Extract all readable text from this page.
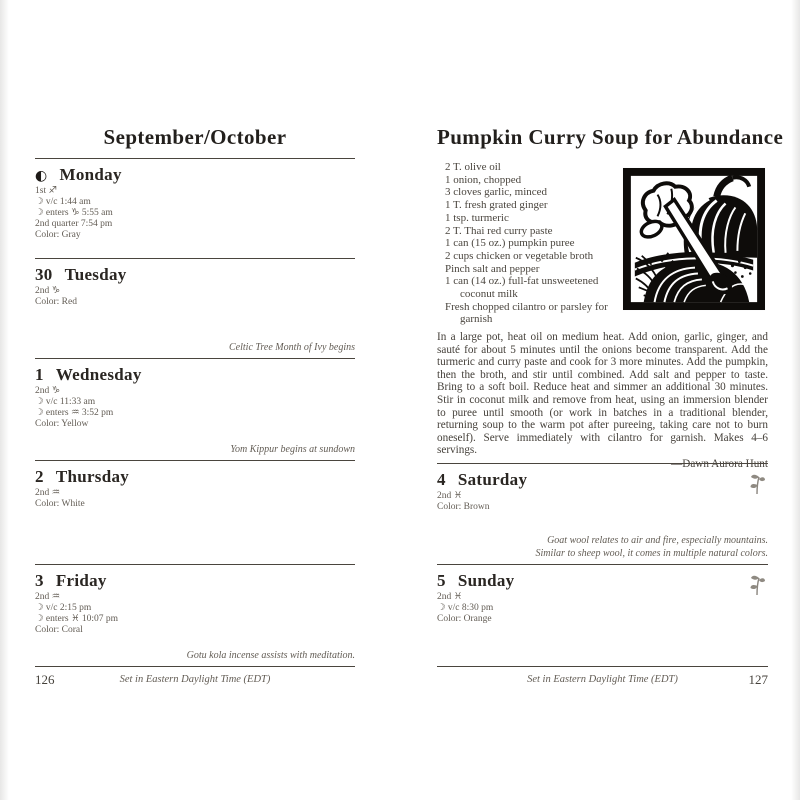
September/October
◐ Monday
1st ♐
☽ v/c 1:44 am
☽ enters ♑ 5:55 am
2nd quarter 7:54 pm
Color: Gray
30 Tuesday
2nd ♑
Color: Red
Celtic Tree Month of Ivy begins
1 Wednesday
2nd ♑
☽ v/c 11:33 am
☽ enters ♒ 3:52 pm
Color: Yellow
Yom Kippur begins at sundown
2 Thursday
2nd ♒
Color: White
3 Friday
2nd ♒
☽ v/c 2:15 pm
☽ enters ♓ 10:07 pm
Color: Coral
Gotu kola incense assists with meditation.
126	Set in Eastern Daylight Time (EDT)
Pumpkin Curry Soup for Abundance
2 T. olive oil
1 onion, chopped
3 cloves garlic, minced
1 T. fresh grated ginger
1 tsp. turmeric
2 T. Thai red curry paste
1 can (15 oz.) pumpkin puree
2 cups chicken or vegetable broth
Pinch salt and pepper
1 can (14 oz.) full-fat unsweetened
coconut milk
Fresh chopped cilantro or parsley for
garnish
In a large pot, heat oil on medium heat. Add onion, garlic, ginger, and sauté for about 5 minutes until the onions become transparent. Add the turmeric and curry paste and cook for 3 more minutes. Add the pumpkin, then the broth, and stir until combined. Add salt and pepper to taste. Bring to a soft boil. Reduce heat and simmer an additional 30 minutes. Stir in coconut milk and remove from heat, using an immersion blender to puree until smooth (or work in batches in a traditional blender, returning soup to the warm pot after pureeing, taking care not to burn oneself). Serve immediately with cilantro for garnish. Makes 4–6 servings.
—Dawn Aurora Hunt
4 Saturday
2nd ♓
Color: Brown
Goat wool relates to air and fire, especially mountains.
Similar to sheep wool, it comes in multiple natural colors.
5 Sunday
2nd ♓
☽ v/c 8:30 pm
Color: Orange
Set in Eastern Daylight Time (EDT)	127
